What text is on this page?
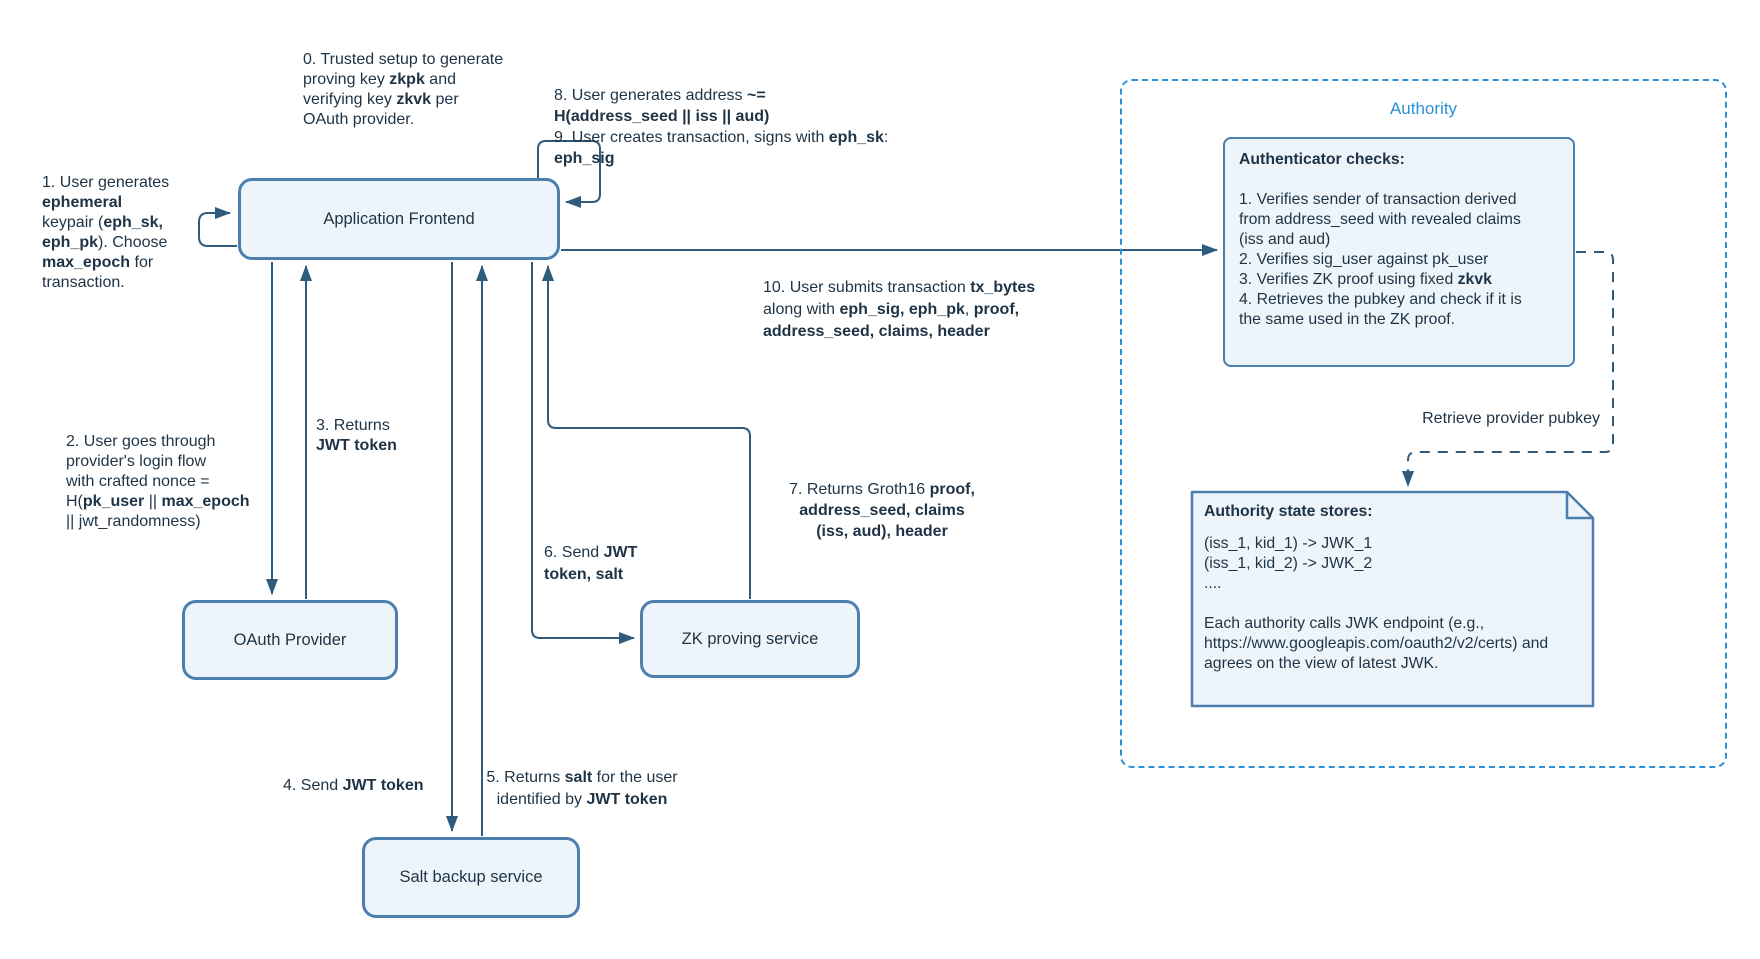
Authority
Application Frontend
OAuth Provider	ZK proving service
Salt backup service
Authenticator checks:
1. Verifies sender of transaction derived
from address_seed with revealed claims
(iss and aud)
2. Verifies sig_user against pk_user
3. Verifies ZK proof using fixed zkvk
4. Retrieves the pubkey and check if it is
the same used in the ZK proof.
Authority state stores:
(iss_1, kid_1) -> JWK_1
(iss_1, kid_2) -> JWK_2
....

Each authority calls JWK endpoint (e.g.,
https://www.googleapis.com/oauth2/v2/certs) and
agrees on the view of latest JWK.
0. Trusted setup to generate
proving key zkpk and
verifying key zkvk per
OAuth provider.
1. User generates
ephemeral
keypair (eph_sk,
eph_pk). Choose
max_epoch for
transaction.
2. User goes through
provider's login flow
with crafted nonce =
H(pk_user || max_epoch
|| jwt_randomness)
3. Returns
JWT token
4. Send JWT token	5. Returns salt for the user
identified by JWT token
6. Send JWT
token, salt
7. Returns Groth16 proof,
address_seed, claims
(iss, aud), header
8. User generates address ~=
H(address_seed || iss || aud)
9. User creates transaction, signs with eph_sk:
eph_sig
10. User submits transaction tx_bytes
along with eph_sig, eph_pk, proof,
address_seed, claims, header
Retrieve provider pubkey
